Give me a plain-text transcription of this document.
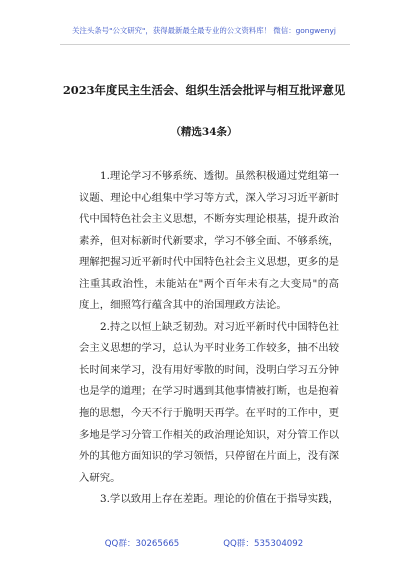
关注头条号"公文研究"，获得最新最全最专业的公文资料库！ 微信：gongwenyj
2023年度民主生活会、组织生活会批评与相互批评意见
（精选34条）
1.理论学习不够系统、透彻。虽然积极通过党组第一
议题、理论中心组集中学习等方式，深入学习习近平新时
代中国特色社会主义思想，不断夯实理论根基，提升政治
素养，但对标新时代新要求，学习不够全面、不够系统，
理解把握习近平新时代中国特色社会主义思想，更多的是
注重其政治性，未能站在"两个百年未有之大变局"的高
度上，细照笃行蕴含其中的治国理政方法论。
2.持之以恒上缺乏韧劲。对习近平新时代中国特色社
会主义思想的学习，总认为平时业务工作较多，抽不出较
长时间来学习，没有用好零散的时间，没明白学习五分钟
也是学的道理；在学习时遇到其他事情被打断，也是抱着
拖的思想，今天不行于脆明天再学。在平时的工作中，更
多地是学习分管工作相关的政治理论知识，对分管工作以
外的其他方面知识的学习领悟，只停留在片面上，没有深
入研究。
3.学以致用上存在差距。理论的价值在于指导实践，
QQ群：30265665	QQ群：535304092
